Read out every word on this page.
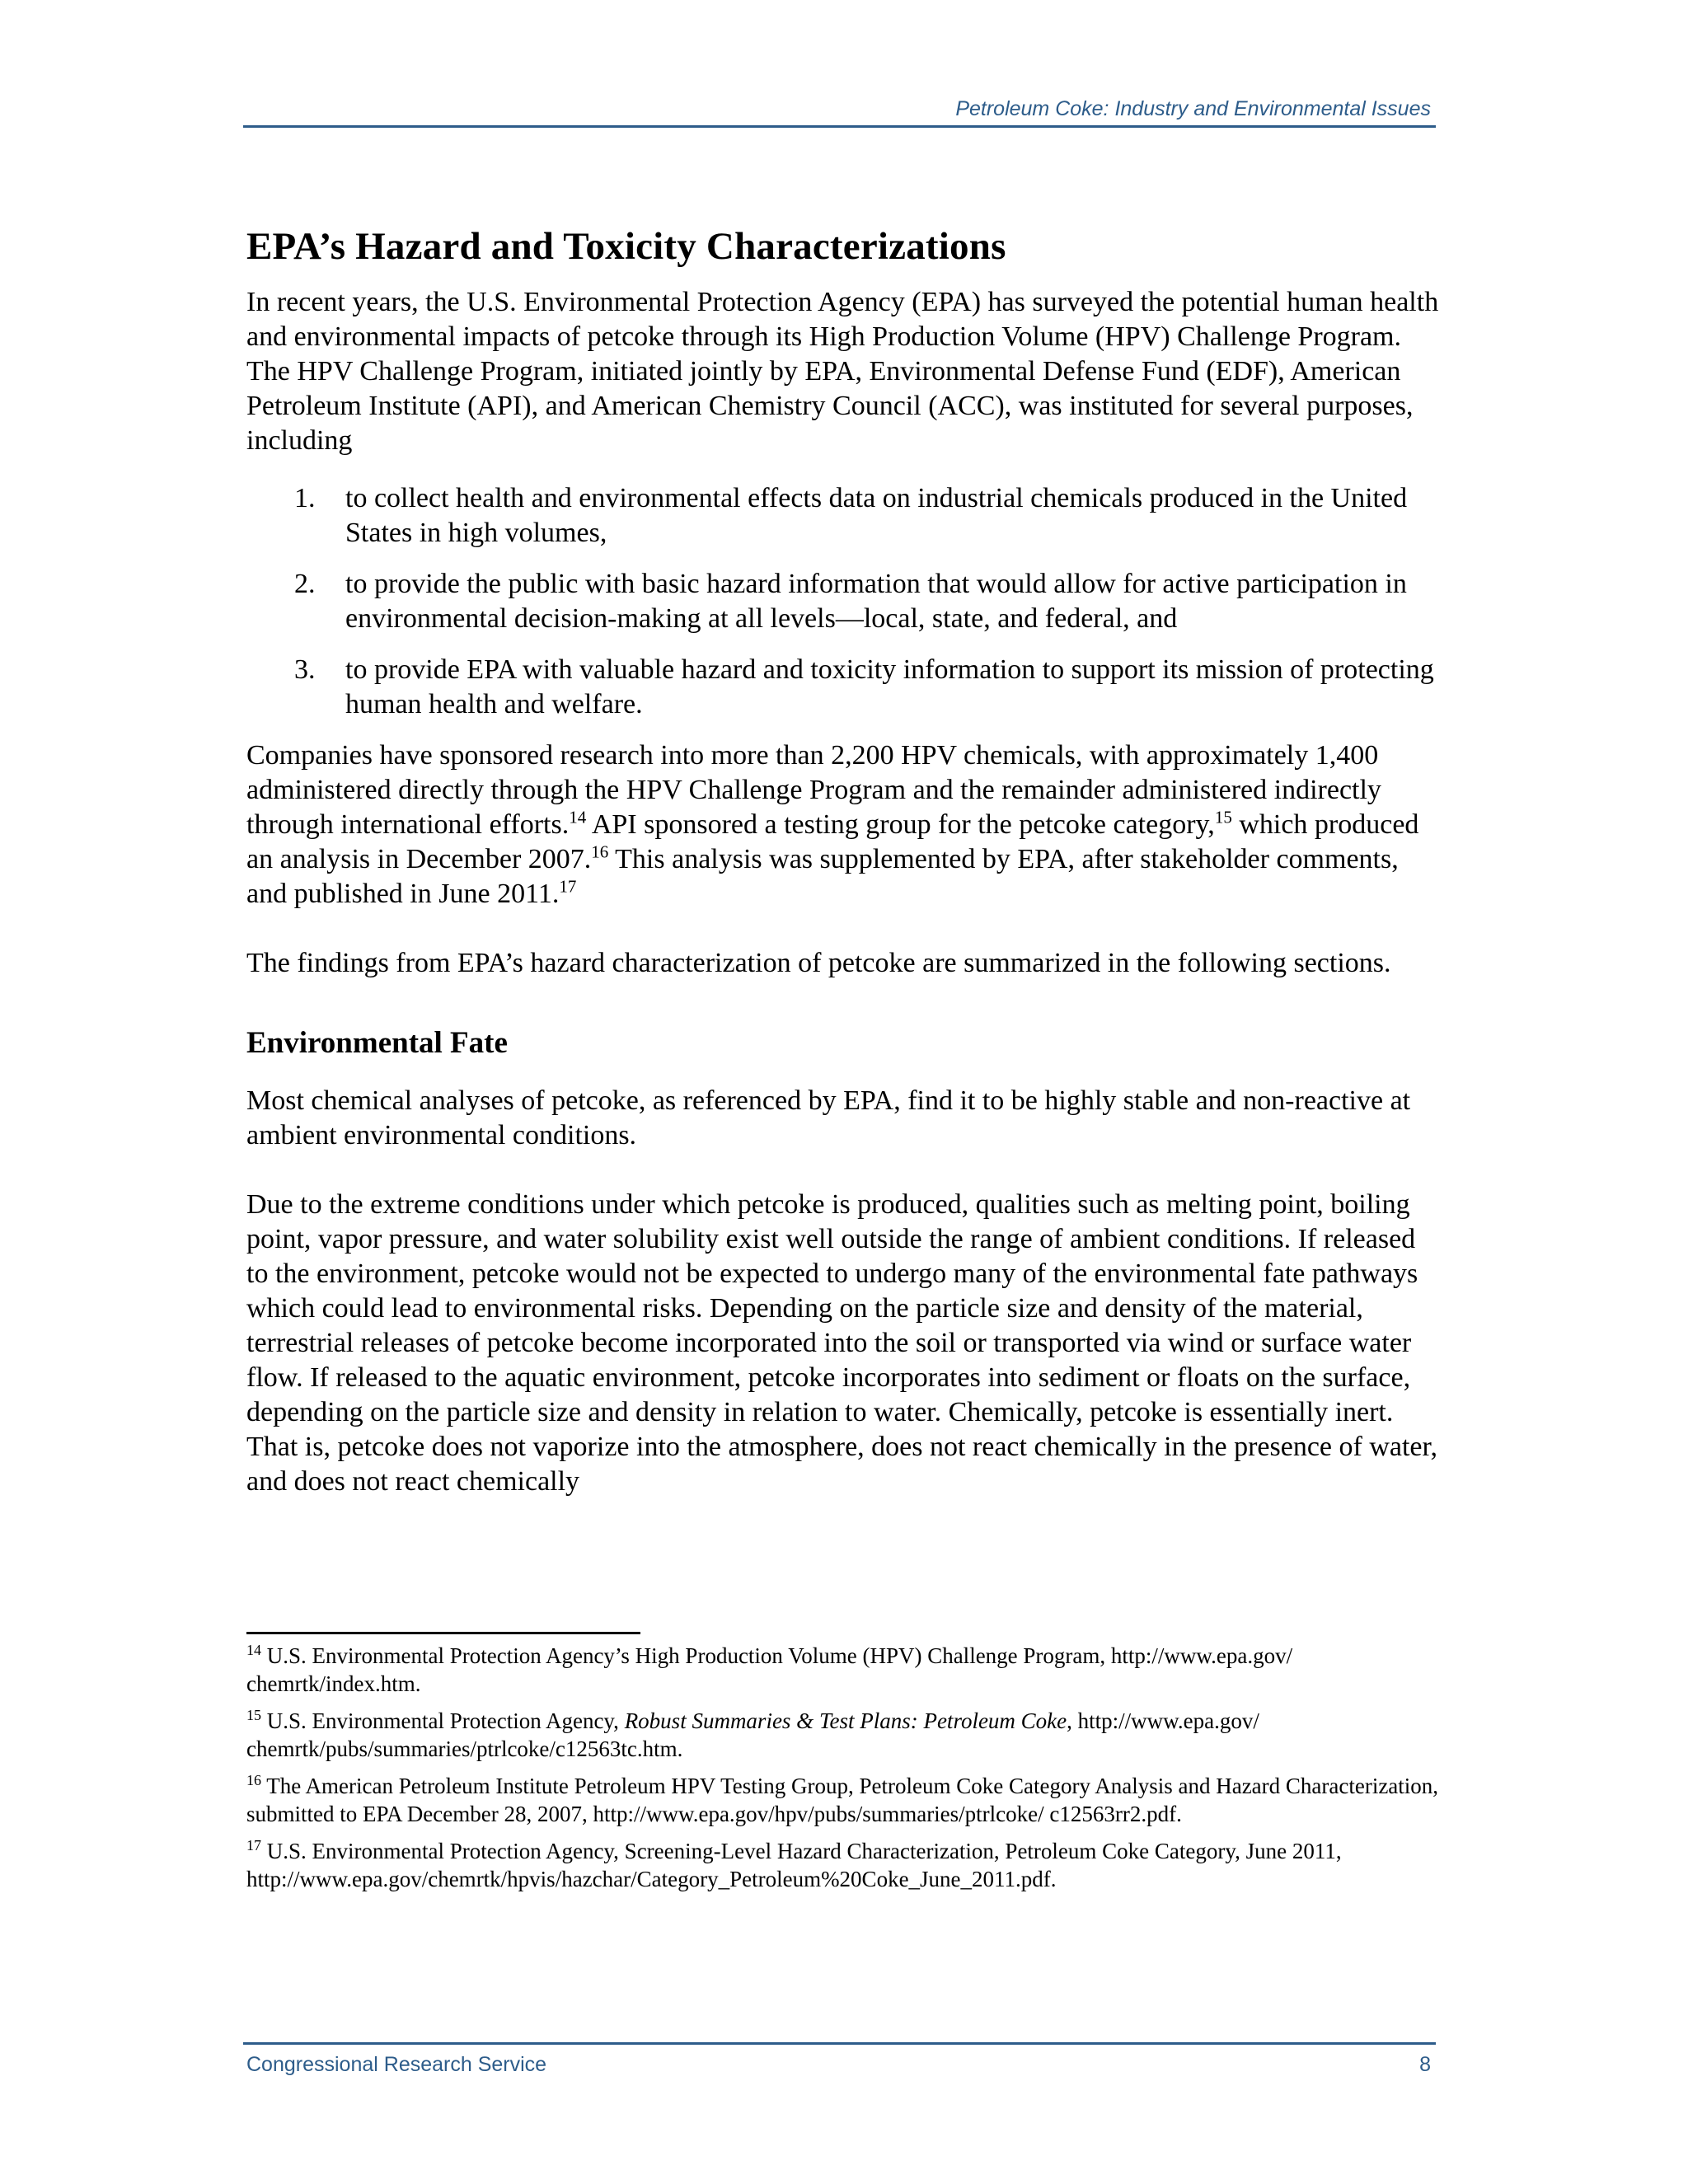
Petroleum Coke: Industry and Environmental Issues
EPA’s Hazard and Toxicity Characterizations

In recent years, the U.S. Environmental Protection Agency (EPA) has surveyed the potential human health and environmental impacts of petcoke through its High Production Volume (HPV) Challenge Program. The HPV Challenge Program, initiated jointly by EPA, Environmental Defense Fund (EDF), American Petroleum Institute (API), and American Chemistry Council (ACC), was instituted for several purposes, including

1. to collect health and environmental effects data on industrial chemicals produced in the United States in high volumes,
2. to provide the public with basic hazard information that would allow for active participation in environmental decision-making at all levels—local, state, and federal, and
3. to provide EPA with valuable hazard and toxicity information to support its mission of protecting human health and welfare.

Companies have sponsored research into more than 2,200 HPV chemicals, with approximately 1,400 administered directly through the HPV Challenge Program and the remainder administered indirectly through international efforts.$^{14}$ API sponsored a testing group for the petcoke category,$^{15}$ which produced an analysis in December 2007.16 This analysis was supplemented by EPA, after stakeholder comments, and published in June 2011.17

The findings from EPA’s hazard characterization of petcoke are summarized in the following sections.

Environmental Fate

Most chemical analyses of petcoke, as referenced by EPA, find it to be highly stable and non-reactive at ambient environmental conditions.

Due to the extreme conditions under which petcoke is produced, qualities such as melting point, boiling point, vapor pressure, and water solubility exist well outside the range of ambient conditions. If released to the environment, petcoke would not be expected to undergo many of the environmental fate pathways which could lead to environmental risks. Depending on the particle size and density of the material, terrestrial releases of petcoke become incorporated into the soil or transported via wind or surface water flow. If released to the aquatic environment, petcoke incorporates into sediment or floats on the surface, depending on the particle size and density in relation to water. Chemically, petcoke is essentially inert. That is, petcoke does not vaporize into the atmosphere, does not react chemically in the presence of water, and does not react chemically

$^{14}$ U.S. Environmental Protection Agency’s High Production Volume (HPV) Challenge Program, http://www.epa.gov/ chemrtk/index.htm.
$^{15}$ U.S. Environmental Protection Agency, Robust Summaries & Test Plans: Petroleum Coke, http://www.epa.gov/ chemrtk/pubs/summaries/ptrlcoke/c12563tc.htm.
$^{16}$ The American Petroleum Institute Petroleum HPV Testing Group, Petroleum Coke Category Analysis and Hazard Characterization, submitted to EPA December 28, 2007, http://www.epa.gov/hpv/pubs/summaries/ptrlcoke/ c12563rr2.pdf.
$^{17}$ U.S. Environmental Protection Agency, Screening-Level Hazard Characterization, Petroleum Coke Category, June 2011, http://www.epa.gov/chemrtk/hpvis/hazchar/Category_Petroleum%20Coke_June_2011.pdf.
Congressional Research Service	8
